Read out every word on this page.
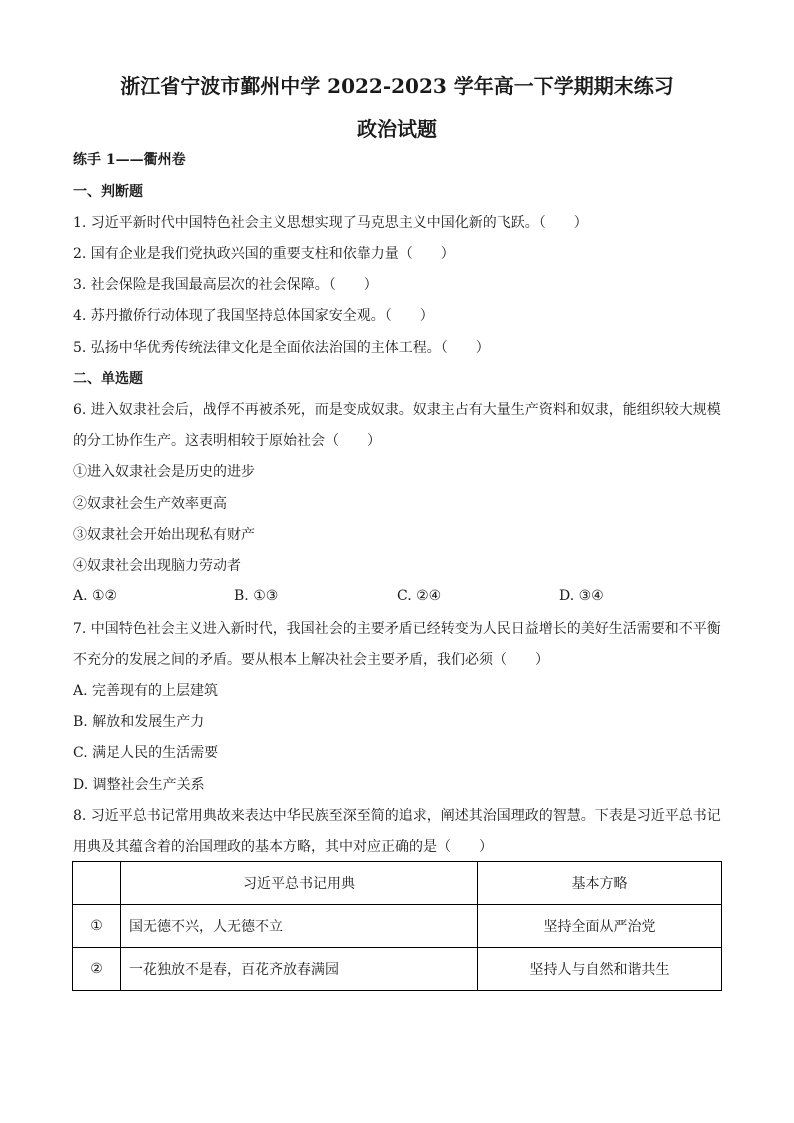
浙江省宁波市鄞州中学 2022-2023 学年高一下学期期末练习
政治试题
练手 1——衢州卷
一、判断题
1. 习近平新时代中国特色社会主义思想实现了马克思主义中国化新的飞跃。（　　）
2. 国有企业是我们党执政兴国的重要支柱和依靠力量（　　）
3. 社会保险是我国最高层次的社会保障。（　　）
4. 苏丹撤侨行动体现了我国坚持总体国家安全观。（　　）
5. 弘扬中华优秀传统法律文化是全面依法治国的主体工程。（　　）
二、单选题
6. 进入奴隶社会后，战俘不再被杀死，而是变成奴隶。奴隶主占有大量生产资料和奴隶，能组织较大规模
的分工协作生产。这表明相较于原始社会（　　）
①进入奴隶社会是历史的进步
②奴隶社会生产效率更高
③奴隶社会开始出现私有财产
④奴隶社会出现脑力劳动者
A. ①②	B. ①③	C. ②④	D. ③④
7. 中国特色社会主义进入新时代，我国社会的主要矛盾已经转变为人民日益增长的美好生活需要和不平衡
不充分的发展之间的矛盾。要从根本上解决社会主要矛盾，我们必须（　　）
A. 完善现有的上层建筑
B. 解放和发展生产力
C. 满足人民的生活需要
D. 调整社会生产关系
8. 习近平总书记常用典故来表达中华民族至深至简的追求，阐述其治国理政的智慧。下表是习近平总书记
用典及其蕴含着的治国理政的基本方略，其中对应正确的是（　　）
	习近平总书记用典	基本方略
①	国无德不兴，人无德不立	坚持全面从严治党
②	一花独放不是春，百花齐放春满园	坚持人与自然和谐共生
